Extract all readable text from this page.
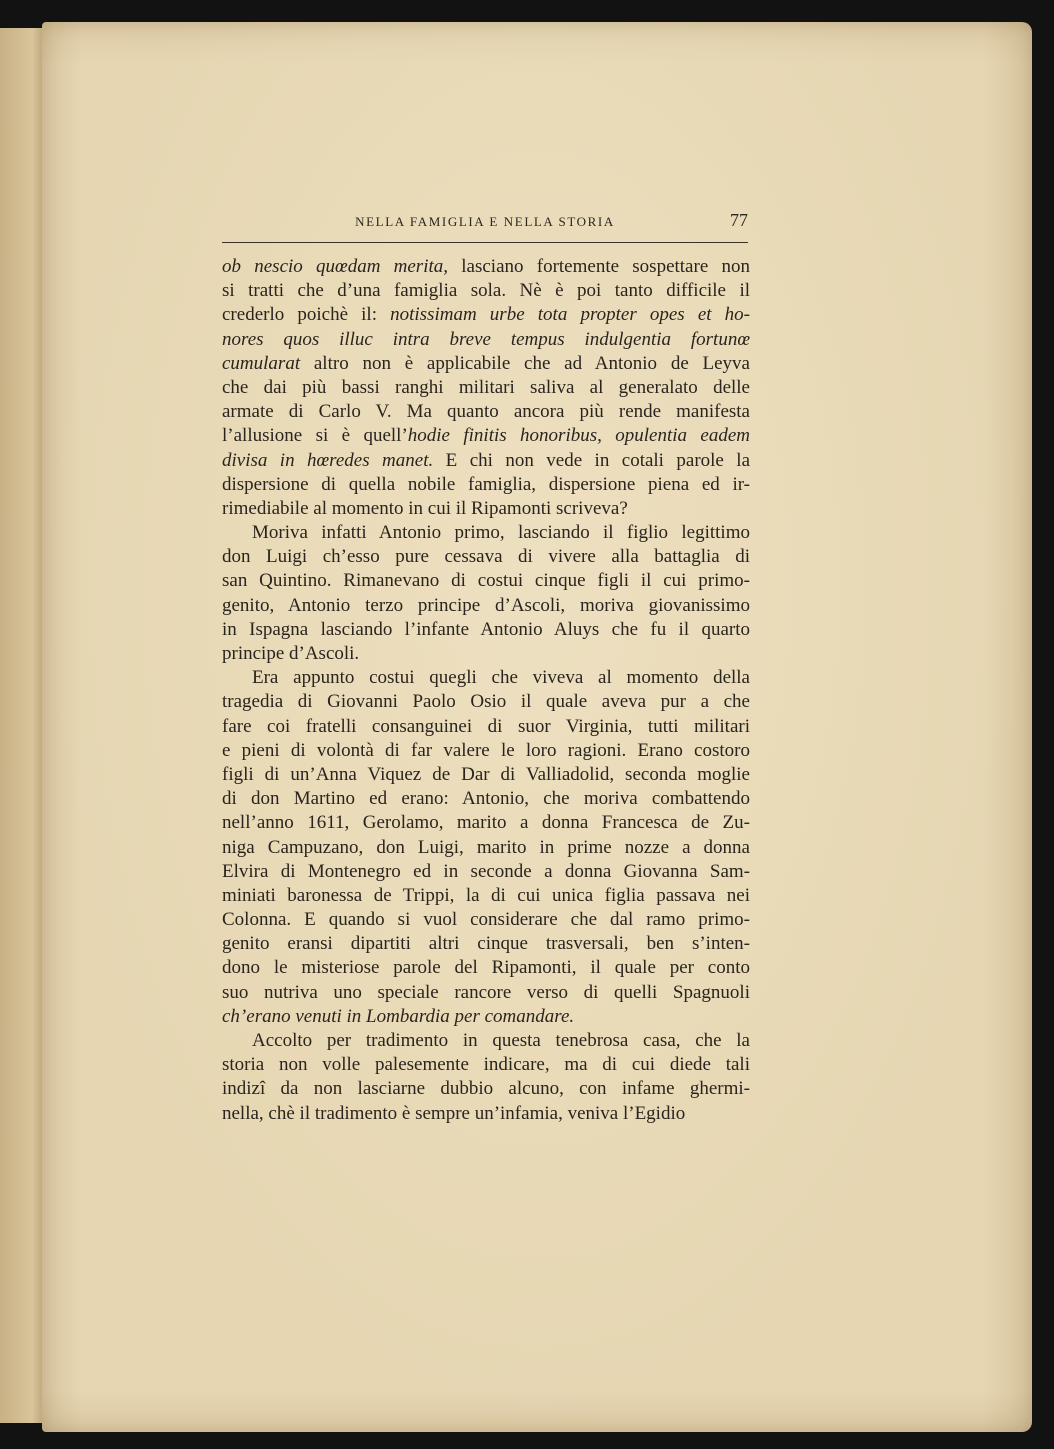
NELLA FAMIGLIA E NELLA STORIA	77
ob nescio quœdam merita, lasciano fortemente sospettare non
si tratti che d’una famiglia sola. Nè è poi tanto difficile il
crederlo poichè il: notissimam urbe tota propter opes et ho-
nores quos illuc intra breve tempus indulgentia fortunœ
cumularat altro non è applicabile che ad Antonio de Leyva
che dai più bassi ranghi militari saliva al generalato delle
armate di Carlo V. Ma quanto ancora più rende manifesta
l’allusione si è quell’hodie finitis honoribus, opulentia eadem
divisa in hœredes manet. E chi non vede in cotali parole la
dispersione di quella nobile famiglia, dispersione piena ed ir-
rimediabile al momento in cui il Ripamonti scriveva?
Moriva infatti Antonio primo, lasciando il figlio legittimo
don Luigi ch’esso pure cessava di vivere alla battaglia di
san Quintino. Rimanevano di costui cinque figli il cui primo-
genito, Antonio terzo principe d’Ascoli, moriva giovanissimo
in Ispagna lasciando l’infante Antonio Aluys che fu il quarto
principe d’Ascoli.
Era appunto costui quegli che viveva al momento della
tragedia di Giovanni Paolo Osio il quale aveva pur a che
fare coi fratelli consanguinei di suor Virginia, tutti militari
e pieni di volontà di far valere le loro ragioni. Erano costoro
figli di un’Anna Viquez de Dar di Valliadolid, seconda moglie
di don Martino ed erano: Antonio, che moriva combattendo
nell’anno 1611, Gerolamo, marito a donna Francesca de Zu-
niga Campuzano, don Luigi, marito in prime nozze a donna
Elvira di Montenegro ed in seconde a donna Giovanna Sam-
miniati baronessa de Trippi, la di cui unica figlia passava nei
Colonna. E quando si vuol considerare che dal ramo primo-
genito eransi dipartiti altri cinque trasversali, ben s’inten-
dono le misteriose parole del Ripamonti, il quale per conto
suo nutriva uno speciale rancore verso di quelli Spagnuoli
ch’erano venuti in Lombardia per comandare.
Accolto per tradimento in questa tenebrosa casa, che la
storia non volle palesemente indicare, ma di cui diede tali
indizî da non lasciarne dubbio alcuno, con infame ghermi-
nella, chè il tradimento è sempre un’infamia, veniva l’Egidio
